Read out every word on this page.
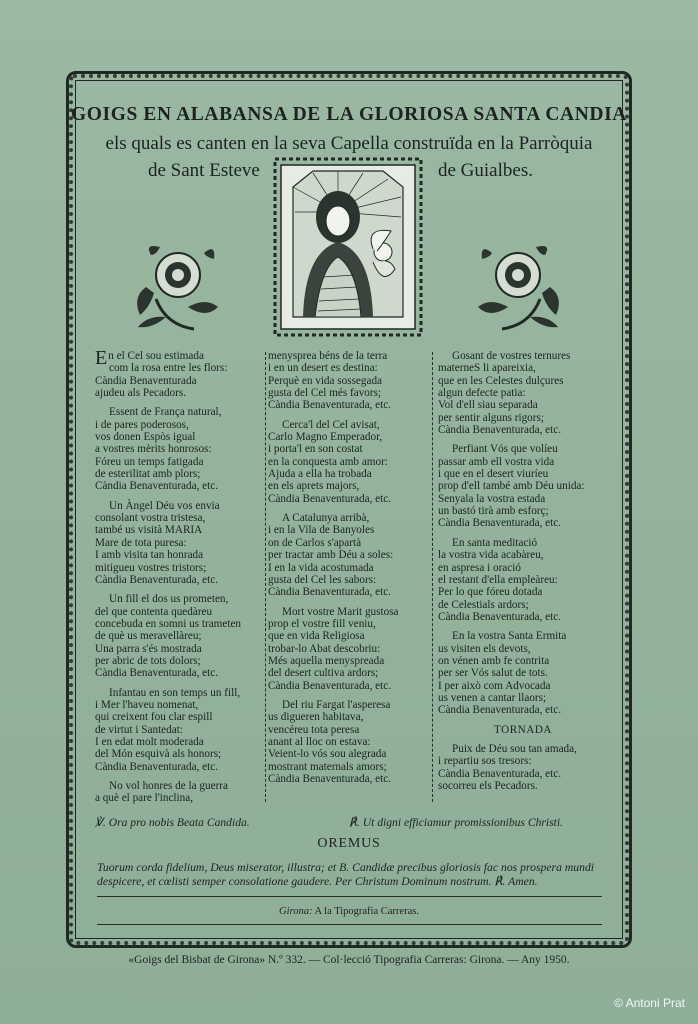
GOIGS EN ALABANSA DE LA GLORIOSA SANTA CANDIA
els quals es canten en la seva Capella construïda en la Parròquia
de Sant Esteve	de Guialbes.
En el Cel sou estimada
com la rosa entre les flors:
Càndia Benaventurada
ajudeu als Pecadors.
Essent de França natural,
i de pares poderosos,
vos donen Espòs igual
a vostres mèrits honrosos:
Fóreu un temps fatigada
de esterilitat amb plors;
Càndia Benaventurada, etc.
Un Àngel Déu vos envia
consolant vostra tristesa,
també us visità MARIA
Mare de tota puresa:
I amb visita tan honrada
mitigueu vostres tristors;
Càndia Benaventurada, etc.
Un fill el dos us prometen,
del que contenta quedàreu
concebuda en somni us trameten
de què us meravellàreu;
Una parra s'és mostrada
per abric de tots dolors;
Càndia Benaventurada, etc.
Infantau en son temps un fill,
i Mer l'haveu nomenat,
qui creixent fou clar espill
de virtut i Santedat:
I en edat molt moderada
del Món esquivà als honors;
Càndia Benaventurada, etc.
No vol honres de la guerra
a què el pare l'inclina,
menysprea béns de la terra
i en un desert es destina:
Perquè en vida sossegada
gusta del Cel més favors;
Càndia Benaventurada, etc.
Cerca'l del Cel avisat,
Carlo Magno Emperador,
i porta'l en son costat
en la conquesta amb amor:
Ajuda a ella ha trobada
en els aprets majors,
Càndia Benaventurada, etc.
A Catalunya arribà,
i en la Vila de Banyoles
on de Carlos s'apartà
per tractar amb Déu a soles:
I en la vida acostumada
gusta del Cel les sabors:
Càndia Benaventurada, etc.
Mort vostre Marit gustosa
prop el vostre fill veniu,
que en vida Religiosa
trobar-lo Abat descobriu:
Més aquella menyspreada
del desert cultiva ardors;
Càndia Benaventurada, etc.
Del riu Fargat l'asperesa
us digueren habitava,
vencéreu tota peresa
anant al lloc on estava:
Veient-lo vós sou alegrada
mostrant maternals amors;
Càndia Benaventurada, etc.
Gosant de vostres ternures
materneS li apareixia,
que en les Celestes dulçures
algun defecte patia:
Vol d'ell siau separada
per sentir alguns rigors;
Càndia Benaventurada, etc.
Perfiant Vós que volíeu
passar amb ell vostra vida
i que en el desert viuríeu
prop d'ell també amb Déu unida:
Senyala la vostra estada
un bastó tirà amb esforç;
Càndia Benaventurada, etc.
En santa meditació
la vostra vida acabàreu,
en aspresa i oració
el restant d'ella empleàreu:
Per lo que fóreu dotada
de Celestials ardors;
Càndia Benaventurada, etc.
En la vostra Santa Ermita
us visiten els devots,
on vénen amb fe contrita
per ser Vós salut de tots.
I per això com Advocada
us venen a cantar llaors;
Càndia Benaventurada, etc.
TORNADA
Puix de Déu sou tan amada,
i repartiu sos tresors:
Càndia Benaventurada, etc.
socorreu els Pecadors.
℣. Ora pro nobis Beata Candida.	℟. Ut digni efficiamur promissionibus Christi.
OREMUS
Tuorum corda fidelium, Deus miserator, illustra; et B. Candidæ precibus gloriosis fac nos prospera mundi despicere, et cœlisti semper consolatione gaudere. Per Christum Dominum nostrum. ℟. Amen.
Girona: A la Tipografia Carreras.
«Goigs del Bisbat de Girona» N.º 332. — Col·lecció Tipografia Carreras: Girona. — Any 1950.
© Antoni Prat
